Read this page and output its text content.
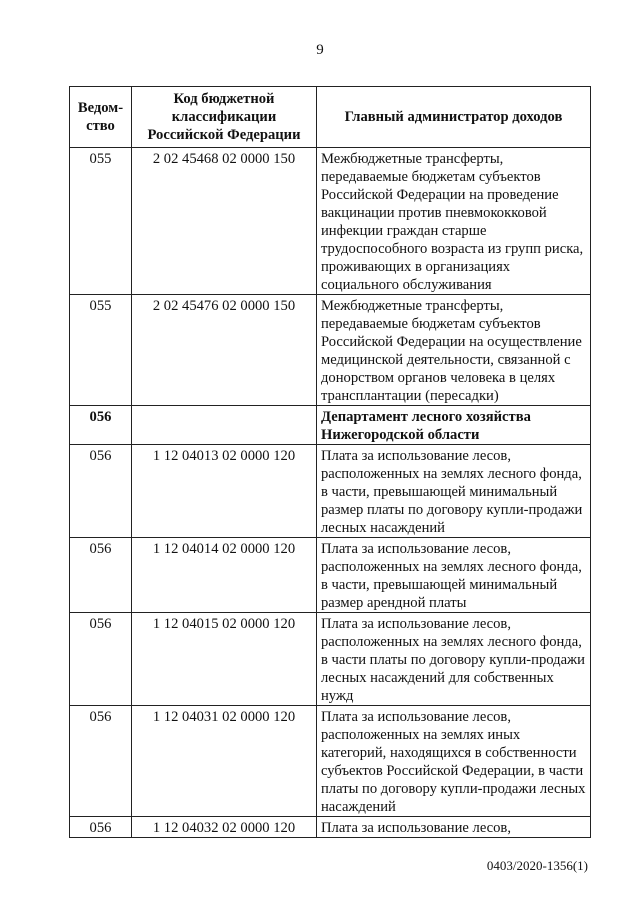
9
Ведом-ство	Код бюджетной классификации Российской Федерации	Главный администратор доходов
055	2 02 45468 02 0000 150	Межбюджетные трансферты, передаваемые бюджетам субъектов Российской Федерации на проведение вакцинации против пневмококковой инфекции граждан старше трудоспособного возраста из групп риска, проживающих в организациях социального обслуживания
055	2 02 45476 02 0000 150	Межбюджетные трансферты, передаваемые бюджетам субъектов Российской Федерации на осуществление медицинской деятельности, связанной с донорством органов человека в целях трансплантации (пересадки)
056		Департамент лесного хозяйства Нижегородской области
056	1 12 04013 02 0000 120	Плата за использование лесов, расположенных на землях лесного фонда, в части, превышающей минимальный размер платы по договору купли-продажи лесных насаждений
056	1 12 04014 02 0000 120	Плата за использование лесов, расположенных на землях лесного фонда, в части, превышающей минимальный размер арендной платы
056	1 12 04015 02 0000 120	Плата за использование лесов, расположенных на землях лесного фонда, в части платы по договору купли-продажи лесных насаждений для собственных нужд
056	1 12 04031 02 0000 120	Плата за использование лесов, расположенных на землях иных категорий, находящихся в собственности субъектов Российской Федерации, в части платы по договору купли-продажи лесных насаждений
056	1 12 04032 02 0000 120	Плата за использование лесов,
0403/2020-1356(1)
